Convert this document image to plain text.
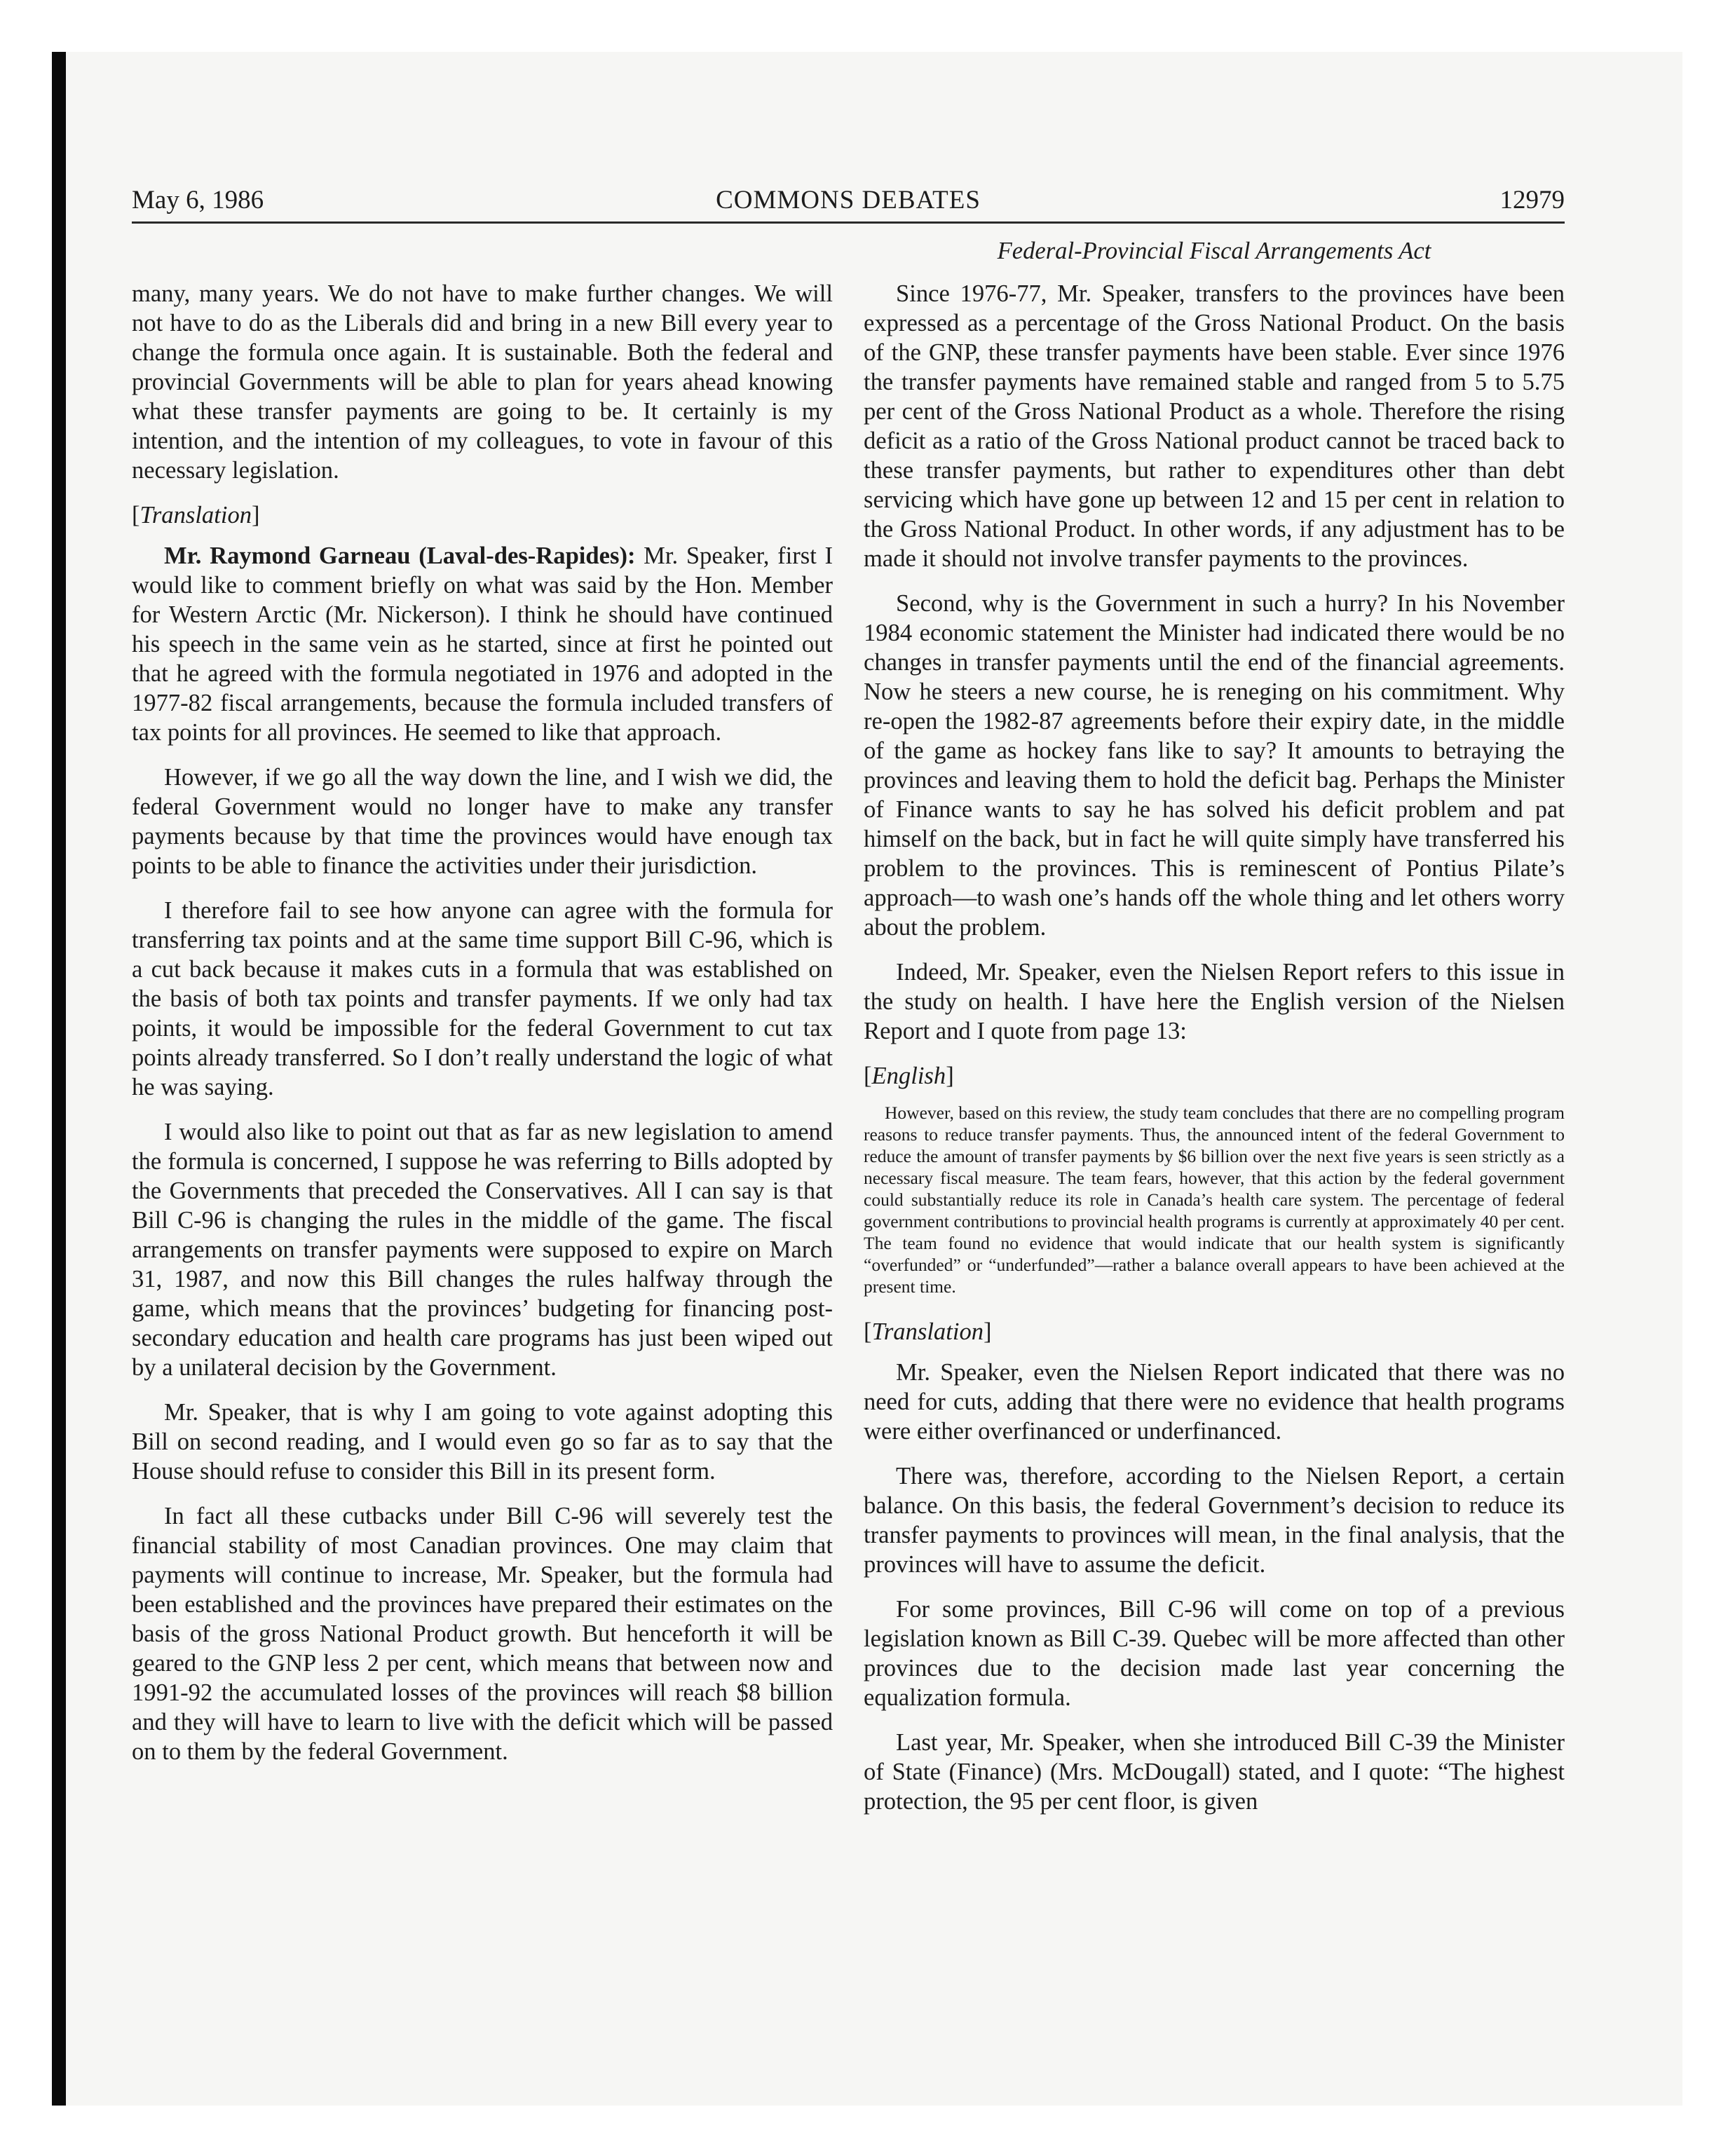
May 6, 1986	COMMONS DEBATES	12979
Federal-Provincial Fiscal Arrangements Act

many, many years. We do not have to make further changes. We will not have to do as the Liberals did and bring in a new Bill every year to change the formula once again. It is sustainable. Both the federal and provincial Governments will be able to plan for years ahead knowing what these transfer payments are going to be. It certainly is my intention, and the intention of my colleagues, to vote in favour of this necessary legislation.

[Translation]

Mr. Raymond Garneau (Laval-des-Rapides): Mr. Speaker, first I would like to comment briefly on what was said by the Hon. Member for Western Arctic (Mr. Nickerson). I think he should have continued his speech in the same vein as he started, since at first he pointed out that he agreed with the formula negotiated in 1976 and adopted in the 1977-82 fiscal arrangements, because the formula included transfers of tax points for all provinces. He seemed to like that approach.

However, if we go all the way down the line, and I wish we did, the federal Government would no longer have to make any transfer payments because by that time the provinces would have enough tax points to be able to finance the activities under their jurisdiction.

I therefore fail to see how anyone can agree with the formula for transferring tax points and at the same time support Bill C-96, which is a cut back because it makes cuts in a formula that was established on the basis of both tax points and transfer payments. If we only had tax points, it would be impossible for the federal Government to cut tax points already transferred. So I don’t really understand the logic of what he was saying.

I would also like to point out that as far as new legislation to amend the formula is concerned, I suppose he was referring to Bills adopted by the Governments that preceded the Conservatives. All I can say is that Bill C-96 is changing the rules in the middle of the game. The fiscal arrangements on transfer payments were supposed to expire on March 31, 1987, and now this Bill changes the rules halfway through the game, which means that the provinces’ budgeting for financing post-secondary education and health care programs has just been wiped out by a unilateral decision by the Government.

Mr. Speaker, that is why I am going to vote against adopting this Bill on second reading, and I would even go so far as to say that the House should refuse to consider this Bill in its present form.

In fact all these cutbacks under Bill C-96 will severely test the financial stability of most Canadian provinces. One may claim that payments will continue to increase, Mr. Speaker, but the formula had been established and the provinces have prepared their estimates on the basis of the gross National Product growth. But henceforth it will be geared to the GNP less 2 per cent, which means that between now and 1991-92 the accumulated losses of the provinces will reach $8 billion and they will have to learn to live with the deficit which will be passed on to them by the federal Government.

Since 1976-77, Mr. Speaker, transfers to the provinces have been expressed as a percentage of the Gross National Product. On the basis of the GNP, these transfer payments have been stable. Ever since 1976 the transfer payments have remained stable and ranged from 5 to 5.75 per cent of the Gross National Product as a whole. Therefore the rising deficit as a ratio of the Gross National product cannot be traced back to these transfer payments, but rather to expenditures other than debt servicing which have gone up between 12 and 15 per cent in relation to the Gross National Product. In other words, if any adjustment has to be made it should not involve transfer payments to the provinces.

Second, why is the Government in such a hurry? In his November 1984 economic statement the Minister had indicated there would be no changes in transfer payments until the end of the financial agreements. Now he steers a new course, he is reneging on his commitment. Why re-open the 1982-87 agreements before their expiry date, in the middle of the game as hockey fans like to say? It amounts to betraying the provinces and leaving them to hold the deficit bag. Perhaps the Minister of Finance wants to say he has solved his deficit problem and pat himself on the back, but in fact he will quite simply have transferred his problem to the provinces. This is reminescent of Pontius Pilate’s approach—to wash one’s hands off the whole thing and let others worry about the problem.

Indeed, Mr. Speaker, even the Nielsen Report refers to this issue in the study on health. I have here the English version of the Nielsen Report and I quote from page 13:

[English]

However, based on this review, the study team concludes that there are no compelling program reasons to reduce transfer payments. Thus, the announced intent of the federal Government to reduce the amount of transfer payments by $6 billion over the next five years is seen strictly as a necessary fiscal measure. The team fears, however, that this action by the federal government could substantially reduce its role in Canada’s health care system. The percentage of federal government contributions to provincial health programs is currently at approximately 40 per cent. The team found no evidence that would indicate that our health system is significantly “overfunded” or “underfunded”—rather a balance overall appears to have been achieved at the present time.

[Translation]

Mr. Speaker, even the Nielsen Report indicated that there was no need for cuts, adding that there were no evidence that health programs were either overfinanced or underfinanced.

There was, therefore, according to the Nielsen Report, a certain balance. On this basis, the federal Government’s decision to reduce its transfer payments to provinces will mean, in the final analysis, that the provinces will have to assume the deficit.

For some provinces, Bill C-96 will come on top of a previous legislation known as Bill C-39. Quebec will be more affected than other provinces due to the decision made last year concerning the equalization formula.

Last year, Mr. Speaker, when she introduced Bill C-39 the Minister of State (Finance) (Mrs. McDougall) stated, and I quote: “The highest protection, the 95 per cent floor, is given
